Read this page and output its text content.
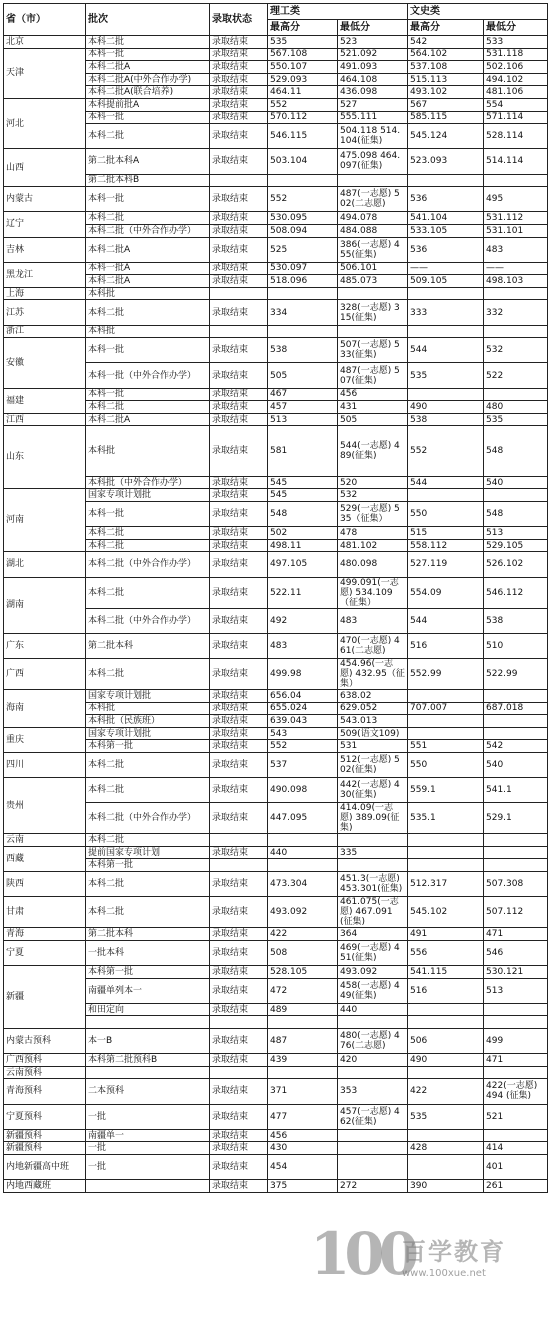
省（市）	批次	录取状态	理工类		文史类	
			最高分	最低分	最高分	最低分
北京	本科二批	录取结束	535	523	542	533
天津	本科一批	录取结束	567.108	521.092	564.102	531.118
	本科二批A	录取结束	550.107	491.093	537.108	502.106
	本科二批A(中外合作办学)	录取结束	529.093	464.108	515.113	494.102
	本科二批A(联合培养)	录取结束	464.11	436.098	493.102	481.106
河北	本科提前批A	录取结束	552	527	567	554
	本科一批	录取结束	570.112	555.111	585.115	571.114
	本科二批	录取结束	546.115	504.118 514.104(征集)	545.124	528.114
山西	第二批本科A	录取结束	503.104	475.098 464.097(征集)	523.093	514.114
	第二批本科B					
内蒙古	本科一批	录取结束	552	487(一志愿) 502(二志愿)	536	495
辽宁	本科二批	录取结束	530.095	494.078	541.104	531.112
	本科二批（中外合作办学）	录取结束	508.094	484.088	533.105	531.101
吉林	本科二批A	录取结束	525	386(一志愿) 455(征集)	536	483
黑龙江	本科一批A	录取结束	530.097	506.101	——	——
	本科二批A	录取结束	518.096	485.073	509.105	498.103
上海	本科批					
江苏	本科二批	录取结束	334	328(一志愿) 315(征集)	333	332
浙江	本科批					
安徽	本科一批	录取结束	538	507(一志愿) 533(征集)	544	532
	本科一批（中外合作办学）	录取结束	505	487(一志愿) 507(征集)	535	522
福建	本科一批	录取结束	467	456		
	本科二批	录取结束	457	431	490	480
江西	本科二批A	录取结束	513	505	538	535
山东	本科批	录取结束	581	544(一志愿) 489(征集)	552	548
	本科批（中外合作办学）	录取结束	545	520	544	540
河南	国家专项计划批	录取结束	545	532		
	本科一批	录取结束	548	529(一志愿) 535（征集）	550	548
	本科二批	录取结束	502	478	515	513
	本科二批	录取结束	498.11	481.102	558.112	529.105
湖北	本科二批（中外合作办学）	录取结束	497.105	480.098	527.119	526.102
湖南	本科二批	录取结束	522.11	499.091(一志愿) 534.109（征集）	554.09	546.112
	本科二批（中外合作办学）	录取结束	492	483	544	538
广东	第二批本科	录取结束	483	470(一志愿) 461(二志愿)	516	510
广西	本科二批	录取结束	499.98	454.96(一志愿) 432.95（征集）	552.99	522.99
海南	国家专项计划批	录取结束	656.04	638.02		
	本科批	录取结束	655.024	629.052	707.007	687.018
	本科批（民族班）	录取结束	639.043	543.013		
重庆	国家专项计划批	录取结束	543	509(语文109)		
	本科第一批	录取结束	552	531	551	542
四川	本科二批	录取结束	537	512(一志愿) 502(征集)	550	540
贵州	本科二批	录取结束	490.098	442(一志愿) 430(征集)	559.1	541.1
	本科二批（中外合作办学）	录取结束	447.095	414.09(一志愿) 389.09(征集)	535.1	529.1
云南	本科二批					
西藏	提前国家专项计划	录取结束	440	335		
	本科第一批					
陕西	本科二批	录取结束	473.304	451.3(一志愿) 453.301(征集)	512.317	507.308
甘肃	本科二批	录取结束	493.092	461.075(一志愿) 467.091 (征集)	545.102	507.112
青海	第二批本科	录取结束	422	364	491	471
宁夏	一批本科	录取结束	508	469(一志愿) 451(征集)	556	546
新疆	本科第一批	录取结束	528.105	493.092	541.115	530.121
	南疆单列本一	录取结束	472	458(一志愿) 449(征集)	516	513
	和田定向	录取结束	489	440		

内蒙古预科	本一B	录取结束	487	480(一志愿) 476(二志愿)	506	499
广西预科	本科第二批预科B	录取结束	439	420	490	471
云南预科						
青海预科	二本预科	录取结束	371	353	422	422(一志愿) 494 (征集)
宁夏预科	一批	录取结束	477	457(一志愿) 462(征集)	535	521
新疆预科	南疆单一	录取结束	456			
新疆预科	一批	录取结束	430		428	414
内地新疆高中班	一批	录取结束	454			401
内地西藏班		录取结束	375	272	390	261
100
百学教育
www.100xue.net
